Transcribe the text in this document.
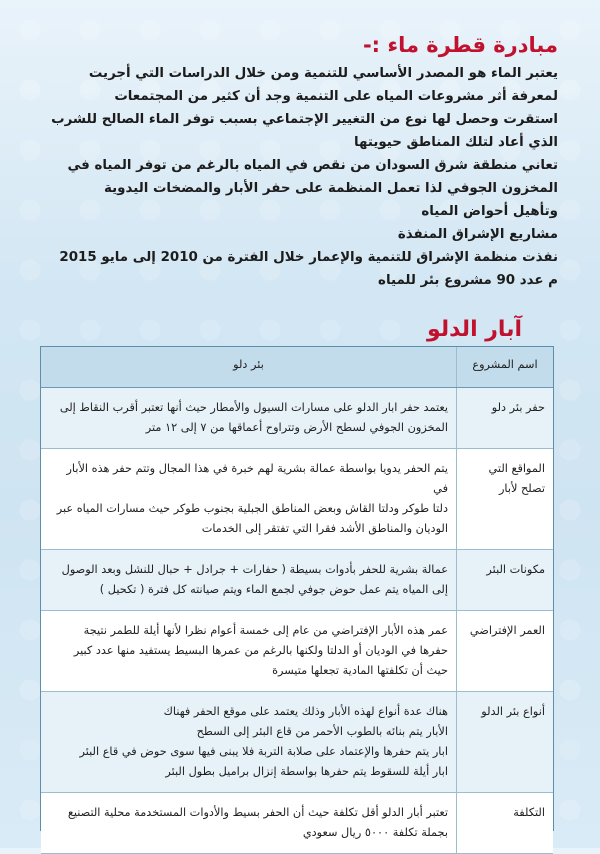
مبادرة قطرة ماء :-
يعتبر الماء هو المصدر الأساسي للتنمية ومن خلال الدراسات التي أجريت
لمعرفة أثر مشروعات المياه على التنمية وجد أن كثير من المجتمعات
استقرت وحصل لها نوع من التغيير الإجتماعي بسبب توفر الماء الصالح للشرب
الذي أعاد لتلك المناطق حيويتها
تعاني منطقة شرق السودان من نقص في المياه بالرغم من توفر المياه في
المخزون الجوفي لذا تعمل المنظمة على حفر الأبار والمضخات اليدوية
وتأهيل أحواض المياه
مشاريع الإشراق المنفذة
نفذت منظمة الإشراق للتنمية والإعمار خلال الفترة من 2010 إلى مايو 2015
م عدد 90 مشروع بئر للمياه
آبار الدلو
اسم المشروع	بئر دلو
حفر بئر دلو	يعتمد حفر ابار الدلو على مسارات السيول والأمطار حيث أنها تعتبر أقرب النقاط إلى
المخزون الجوفي لسطح الأرض وتتراوح أعماقها من ٧ إلى ١٢ متر

المواقع التي تصلح لأبار	يتم الحفر يدويا بواسطة عمالة بشرية لهم خبرة في هذا المجال وتتم حفر هذه الأبار في
دلتا طوكر ودلتا القاش وبعض المناطق الجبلية بجنوب طوكر حيث مسارات المياه عبر
الوديان والمناطق الأشد فقرا التي تفتقر إلى الخدمات

مكونات البئر	عمالة بشرية للحفر بأدوات بسيطة ( حفارات + جرادل + حبال للنشل وبعد الوصول
إلى المياه يتم عمل حوض جوفي لجمع الماء ويتم صيانته كل فترة ( تكحيل )

العمر الإفتراضي	عمر هذه الأبار الإفتراضي من عام إلى خمسة أعوام نظرا لأنها أيلة للطمر نتيجة
حفرها في الوديان أو الدلتا ولكنها بالرغم من عمرها البسيط يستفيد منها عدد كبير
حيث أن تكلفتها المادية تجعلها متيسرة

أنواع بئر الدلو	هناك عدة أنواع لهذه الأبار وذلك يعتمد على موقع الحفر فهناك
الأبار يتم بنائه بالطوب الأحمر من قاع البئر إلى السطح
ابار يتم حفرها والإعتماد على صلابة التربة فلا يبنى فيها سوى حوض في قاع البئر
ابار أيلة للسقوط يتم حفرها بواسطة إنزال براميل بطول البئر

التكلفة	تعتبر أبار الدلو أقل تكلفة حيث أن الحفر بسيط والأدوات المستخدمة محلية التصنيع
بجملة تكلفة ٥٠٠٠ ريال سعودي
